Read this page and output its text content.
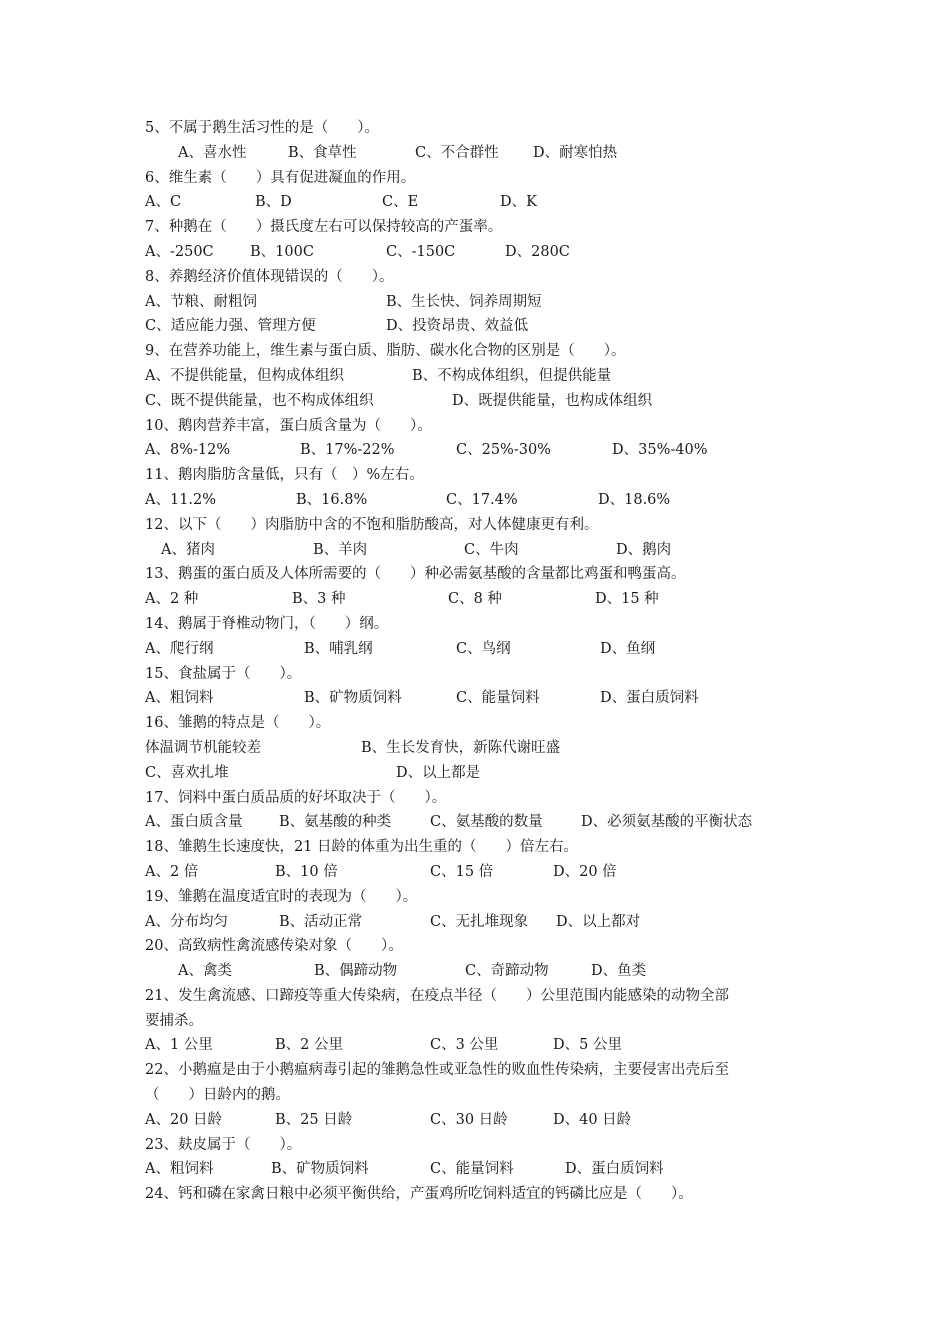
5、不属于鹅生活习性的是（　　）。
A、喜水性	B、食草性	C、不合群性 D、耐寒怕热
6、维生素（　　）具有促进凝血的作用。
A、C	B、D	C、E	D、K
7、种鹅在（　　）摄氏度左右可以保持较高的产蛋率。
A、-250C	B、100C	C、-150C	D、280C
8、养鹅经济价值体现错误的（　　）。
A、节粮、耐粗饲	B、生长快、饲养周期短
C、适应能力强、管理方便	D、投资昂贵、效益低
9、在营养功能上，维生素与蛋白质、脂肪、碳水化合物的区别是（　　）。
A、不提供能量，但构成体组织	B、不构成体组织，但提供能量
C、既不提供能量，也不构成体组织	D、既提供能量，也构成体组织
10、鹅肉营养丰富，蛋白质含量为（　　）。
A、8%-12%	B、17%-22%	C、25%-30%	D、35%-40%
11、鹅肉脂肪含量低，只有（　）%左右。
A、11.2%	B、16.8%	C、17.4%	D、18.6%
12、以下（　　）肉脂肪中含的不饱和脂肪酸高，对人体健康更有利。
A、猪肉	B、羊肉	C、牛肉	D、鹅肉
13、鹅蛋的蛋白质及人体所需要的（　　）种必需氨基酸的含量都比鸡蛋和鸭蛋高。
A、2 种	B、3 种	C、8 种	D、15 种
14、鹅属于脊椎动物门，（　　）纲。
A、爬行纲	B、哺乳纲	C、鸟纲	D、鱼纲
15、食盐属于（　　）。
A、粗饲料	B、矿物质饲料	C、能量饲料	D、蛋白质饲料
16、雏鹅的特点是（　　）。
体温调节机能较差	B、生长发育快，新陈代谢旺盛
C、喜欢扎堆	D、以上都是
17、饲料中蛋白质品质的好坏取决于（　　）。
A、蛋白质含量	B、氨基酸的种类	C、氨基酸的数量	D、必须氨基酸的平衡状态
18、雏鹅生长速度快，21 日龄的体重为出生重的（　　）倍左右。
A、2 倍	B、10 倍	C、15 倍	D、20 倍
19、雏鹅在温度适宜时的表现为（　　）。
A、分布均匀	B、活动正常	C、无扎堆现象 D、以上都对
20、高致病性禽流感传染对象（　　）。
A、禽类	B、偶蹄动物	C、奇蹄动物	D、鱼类
21、发生禽流感、口蹄疫等重大传染病，在疫点半径（　　）公里范围内能感染的动物全部
要捕杀。
A、1 公里	B、2 公里	C、3 公里	D、5 公里
22、小鹅瘟是由于小鹅瘟病毒引起的雏鹅急性或亚急性的败血性传染病，主要侵害出壳后至
（　　）日龄内的鹅。
A、20 日龄	B、25 日龄	C、30 日龄	D、40 日龄
23、麸皮属于（　　）。
A、粗饲料	B、矿物质饲料	C、能量饲料	D、蛋白质饲料
24、钙和磷在家禽日粮中必须平衡供给，产蛋鸡所吃饲料适宜的钙磷比应是（　　）。
